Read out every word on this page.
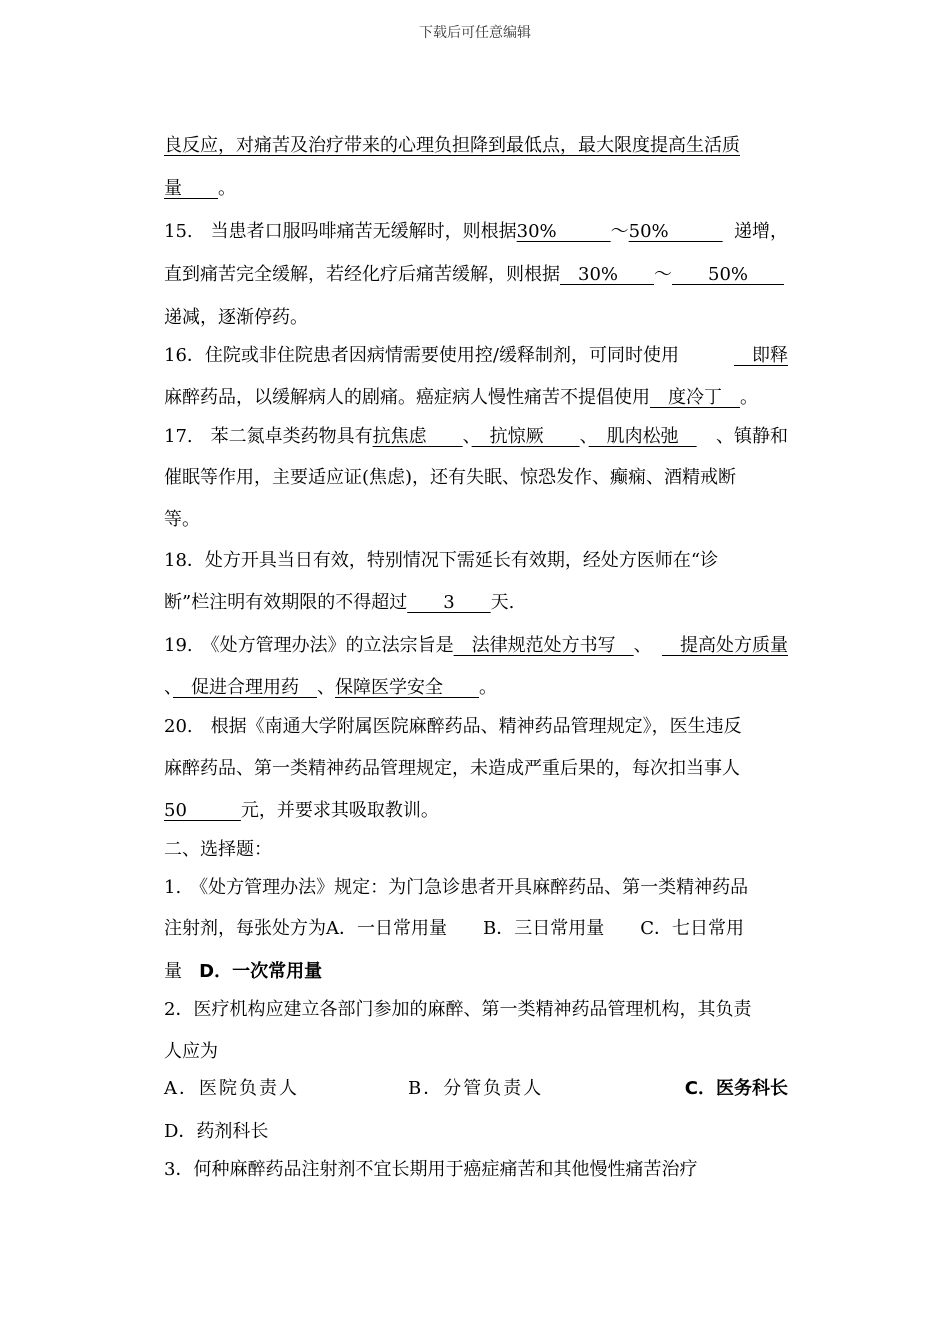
下载后可任意编辑
良反应，对痛苦及治疗带来的心理负担降到最低点，最大限度提高生活质
量　　。
15.　当患者口服吗啡痛苦无缓解时，则根据30%　　　～50%　　　 递增，
直到痛苦完全缓解，若经化疗后痛苦缓解，则根据　30%　　～　　50%　　
递减，逐渐停药。
16．住院或非住院患者因病情需要使用控/缓释制剂，可同时使用	　即释
麻醉药品，以缓解病人的剧痛。癌症病人慢性痛苦不提倡使用　度冷丁　。
17.　苯二氮卓类药物具有抗焦虑　　、　抗惊厥　　、　肌肉松弛　 、镇静和
催眠等作用，主要适应证(焦虑)，还有失眠、惊恐发作、癫痫、酒精戒断
等。
18．处方开具当日有效，特别情况下需延长有效期，经处方医师在“诊
断”栏注明有效期限的不得超过　　3　　天.
19.　《处方管理办法》的立法宗旨是　法律规范处方书写　、 　提高处方质量
、　促进合理用药　、保障医学安全　　。
20.　根据《南通大学附属医院麻醉药品、精神药品管理规定》，医生违反
麻醉药品、第一类精神药品管理规定，未造成严重后果的，每次扣当事人
50　　　元，并要求其吸取教训。
二、选择题：
1.　《处方管理办法》规定：为门急诊患者开具麻醉药品、第一类精神药品
注射剂，每张处方为A．一日常用量　　B．三日常用量　　C．七日常用
量 D．一次常用量
2．医疗机构应建立各部门参加的麻醉、第一类精神药品管理机构，其负责
人应为
A．医院负责人	B．分管负责人	C．医务科长
D．药剂科长
3．何种麻醉药品注射剂不宜长期用于癌症痛苦和其他慢性痛苦治疗
